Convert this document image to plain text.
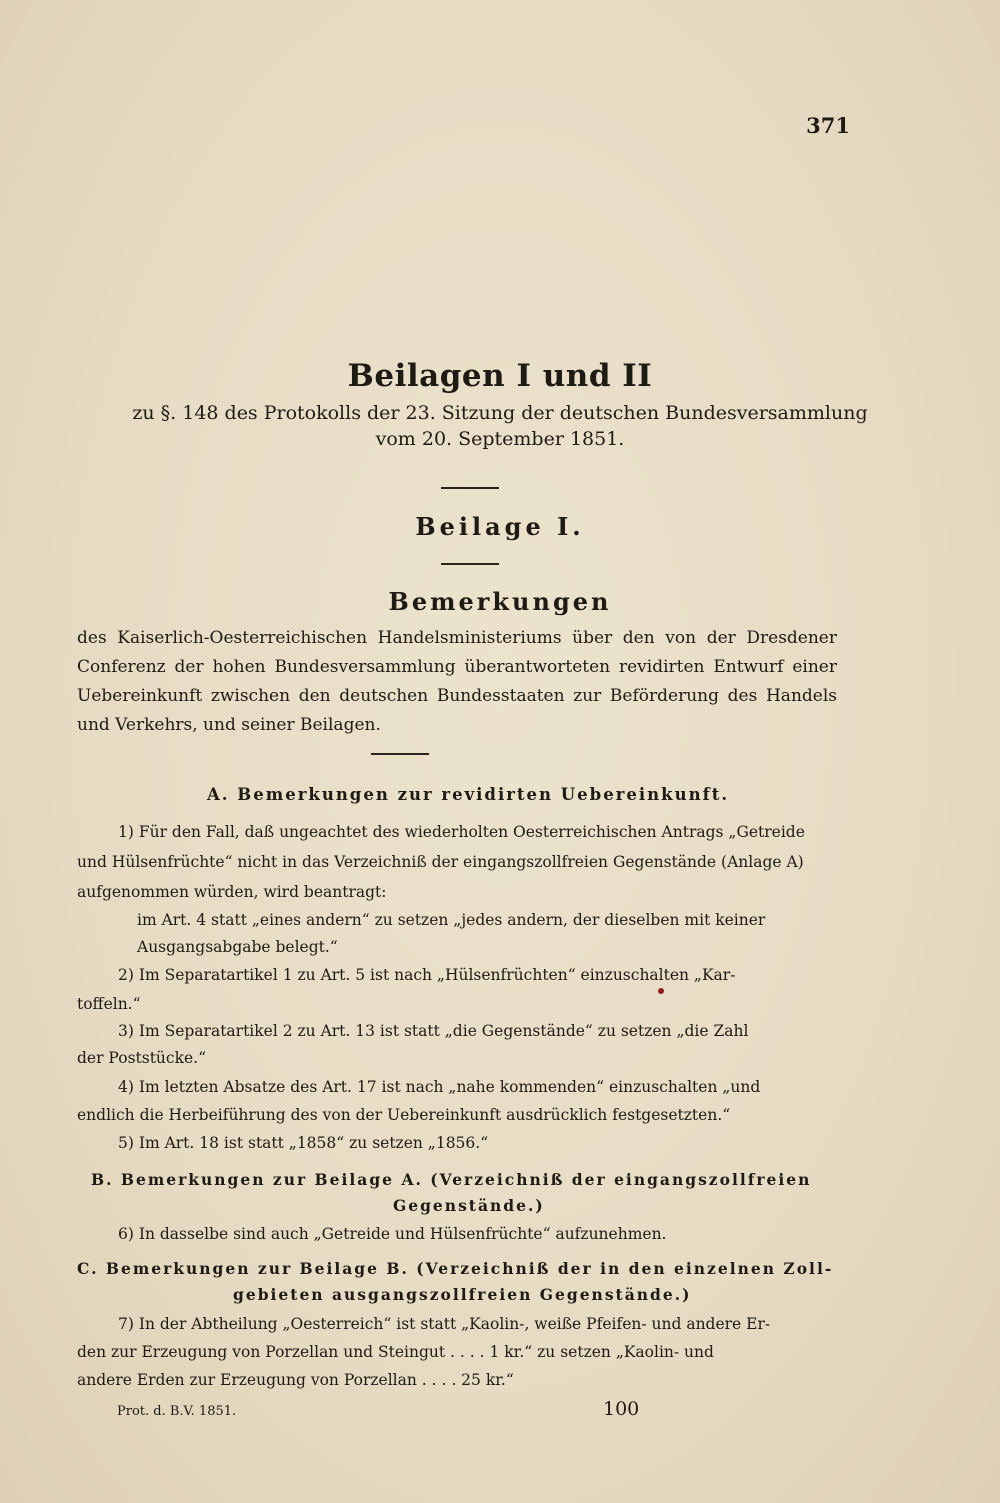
371
Beilagen I und II
zu §. 148 des Protokolls der 23. Sitzung der deutschen Bundesversammlung
vom 20. September 1851.
Beilage I.
Bemerkungen
des Kaiserlich-Oesterreichischen Handelsministeriums über den von der Dresdener Conferenz der hohen Bundesversammlung überantworteten revidirten Entwurf einer Uebereinkunft zwischen den deutschen Bundesstaaten zur Beförderung des Handels und Verkehrs, und seiner Beilagen.
A. Bemerkungen zur revidirten Uebereinkunft.
1) Für den Fall, daß ungeachtet des wiederholten Oesterreichischen Antrags „Getreide
und Hülsenfrüchte“ nicht in das Verzeichniß der eingangszollfreien Gegenstände (Anlage A)
aufgenommen würden, wird beantragt:
im Art. 4 statt „eines andern“ zu setzen „jedes andern, der dieselben mit keiner
Ausgangsabgabe belegt.“
2) Im Separatartikel 1 zu Art. 5 ist nach „Hülsenfrüchten“ einzuschalten „Kar-
toffeln.“
3) Im Separatartikel 2 zu Art. 13 ist statt „die Gegenstände“ zu setzen „die Zahl
der Poststücke.“
4) Im letzten Absatze des Art. 17 ist nach „nahe kommenden“ einzuschalten „und
endlich die Herbeiführung des von der Uebereinkunft ausdrücklich festgesetzten.“
5) Im Art. 18 ist statt „1858“ zu setzen „1856.“
B. Bemerkungen zur Beilage A. (Verzeichniß der eingangszollfreien
Gegenstände.)
6) In dasselbe sind auch „Getreide und Hülsenfrüchte“ aufzunehmen.
C. Bemerkungen zur Beilage B. (Verzeichniß der in den einzelnen Zoll-
gebieten ausgangszollfreien Gegenstände.)
7) In der Abtheilung „Oesterreich“ ist statt „Kaolin-, weiße Pfeifen- und andere Er-
den zur Erzeugung von Porzellan und Steingut . . . . 1 kr.“ zu setzen „Kaolin- und
andere Erden zur Erzeugung von Porzellan . . . . 25 kr.“
Prot. d. B.V. 1851.	100
